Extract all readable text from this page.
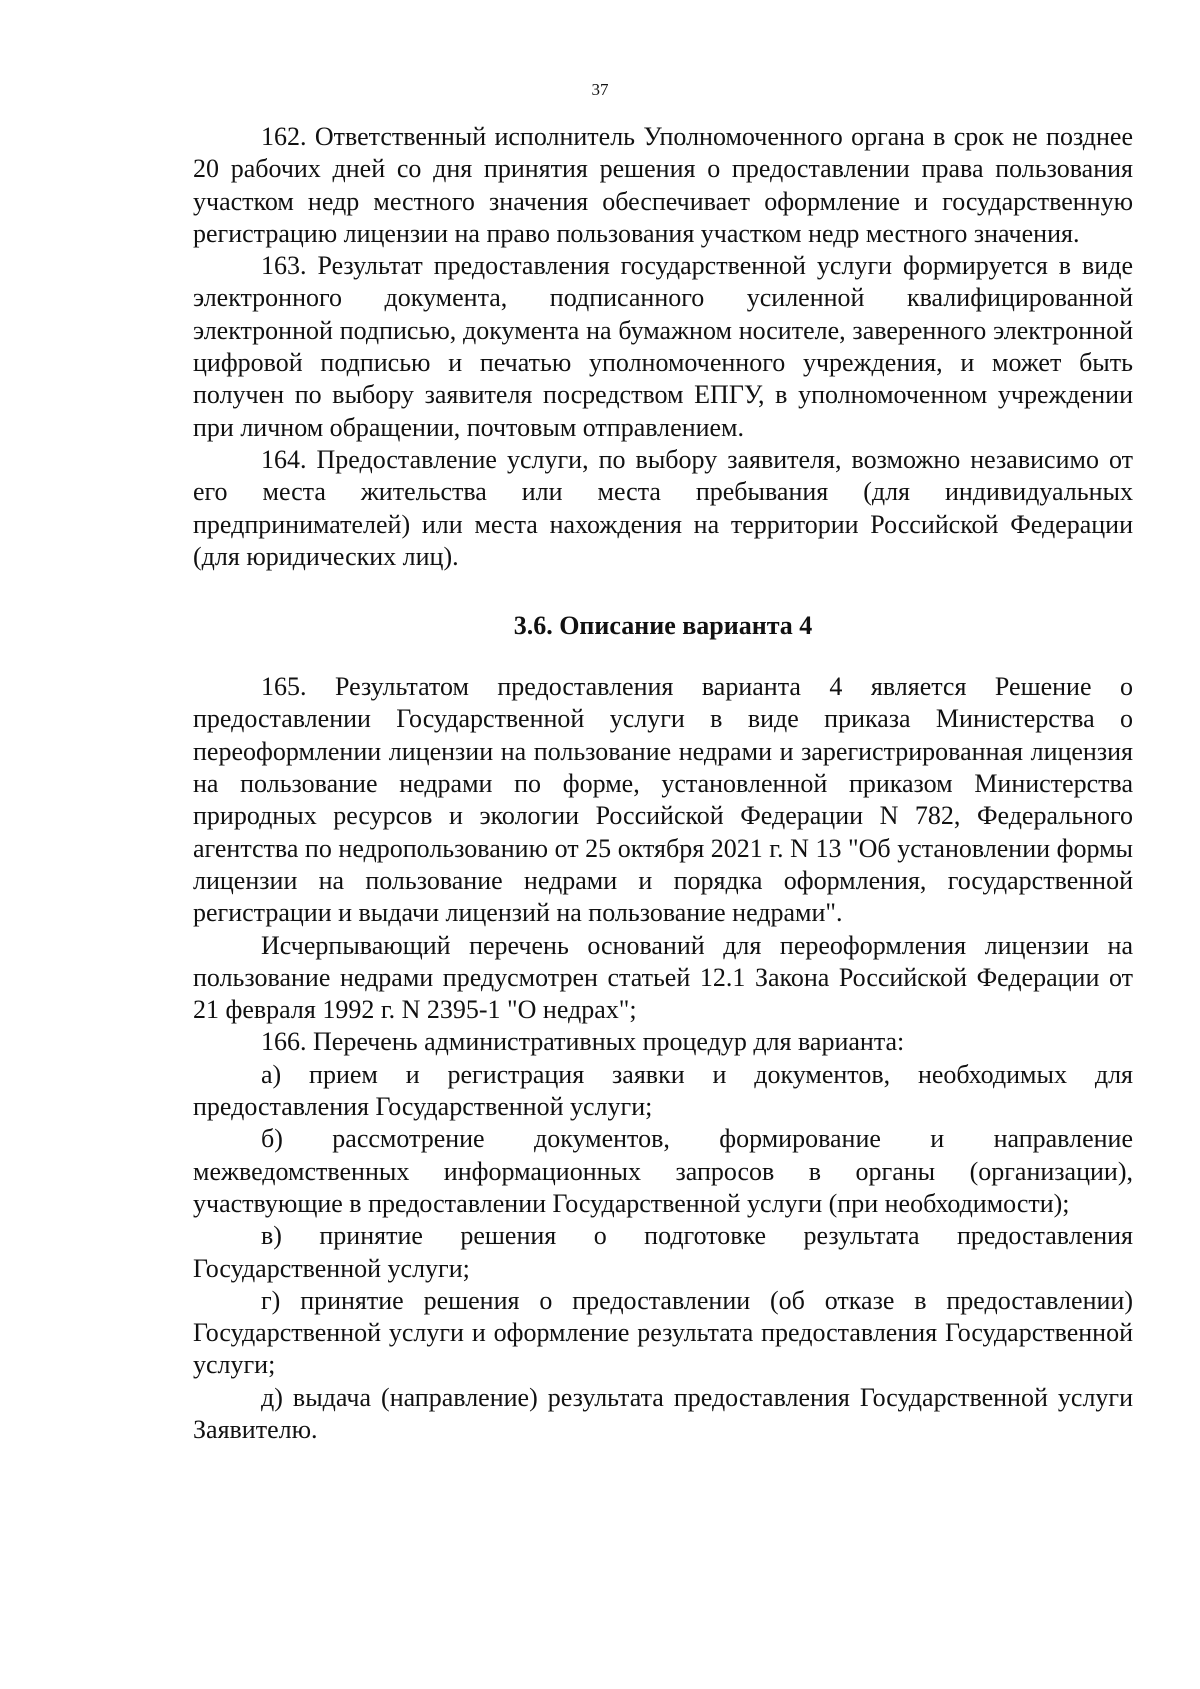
37

162. Ответственный исполнитель Уполномоченного органа в срок не позднее 20 рабочих дней со дня принятия решения о предоставлении права пользования участком недр местного значения обеспечивает оформление и государственную регистрацию лицензии на право пользования участком недр местного значения.

163. Результат предоставления государственной услуги формируется в виде электронного документа, подписанного усиленной квалифицированной электронной подписью, документа на бумажном носителе, заверенного электронной цифровой подписью и печатью уполномоченного учреждения, и может быть получен по выбору заявителя посредством ЕПГУ, в уполномоченном учреждении при личном обращении, почтовым отправлением.

164. Предоставление услуги, по выбору заявителя, возможно независимо от его места жительства или места пребывания (для индивидуальных предпринимателей) или места нахождения на территории Российской Федерации (для юридических лиц).

3.6. Описание варианта 4

165. Результатом предоставления варианта 4 является Решение о предоставлении Государственной услуги в виде приказа Министерства о переоформлении лицензии на пользование недрами и зарегистрированная лицензия на пользование недрами по форме, установленной приказом Министерства природных ресурсов и экологии Российской Федерации N 782, Федерального агентства по недропользованию от 25 октября 2021 г. N 13 "Об установлении формы лицензии на пользование недрами и порядка оформления, государственной регистрации и выдачи лицензий на пользование недрами".

Исчерпывающий перечень оснований для переоформления лицензии на пользование недрами предусмотрен статьей 12.1 Закона Российской Федерации от 21 февраля 1992 г. N 2395-1 "О недрах";

166. Перечень административных процедур для варианта:

а) прием и регистрация заявки и документов, необходимых для предоставления Государственной услуги;

б) рассмотрение документов, формирование и направление межведомственных информационных запросов в органы (организации), участвующие в предоставлении Государственной услуги (при необходимости);

в) принятие решения о подготовке результата предоставления Государственной услуги;

г) принятие решения о предоставлении (об отказе в предоставлении) Государственной услуги и оформление результата предоставления Государственной услуги;

д) выдача (направление) результата предоставления Государственной услуги Заявителю.
